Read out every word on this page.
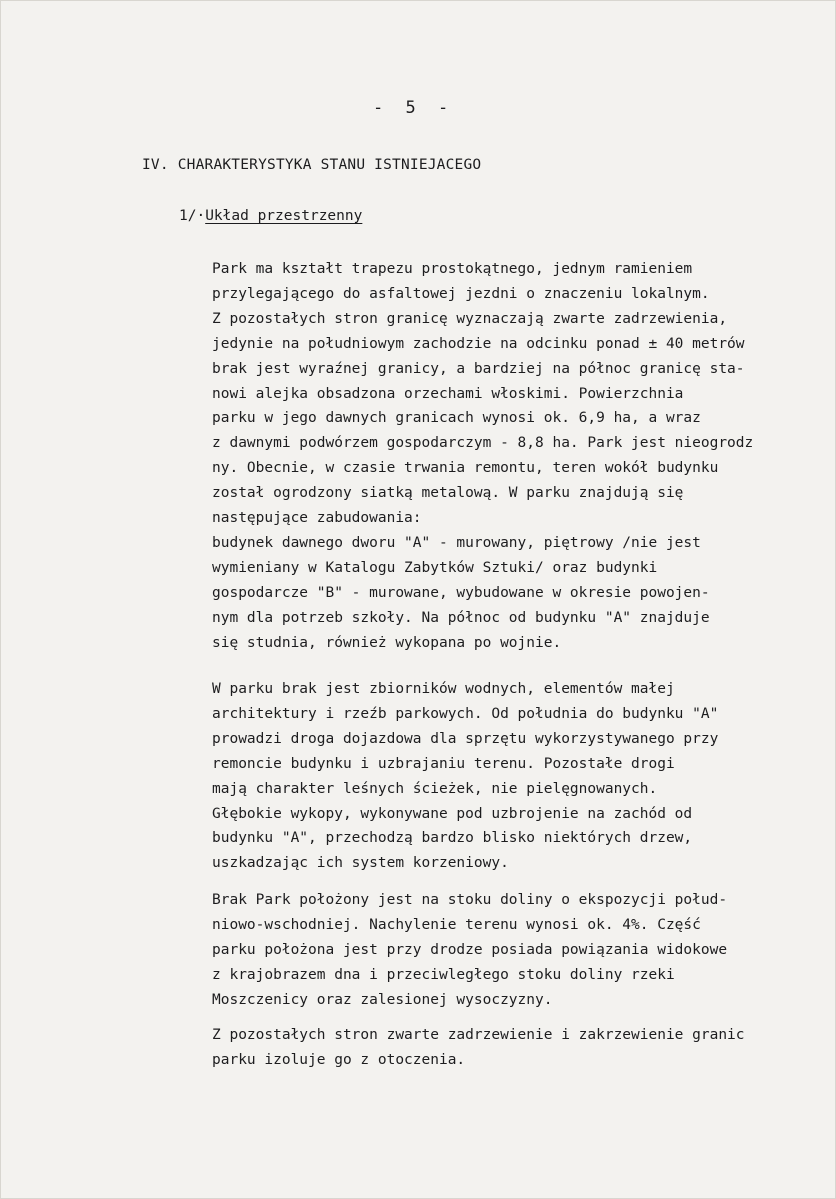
- 5 -
IV. CHARAKTERYSTYKA STANU ISTNIEJACEGO
1/·Układ przestrzenny
Park ma kształt trapezu prostokątnego, jednym ramieniem
przylegającego do asfaltowej jezdni o znaczeniu lokalnym.
Z pozostałych stron granicę wyznaczają zwarte zadrzewienia,
jedynie na południowym zachodzie na odcinku ponad ± 40 metrów
brak jest wyraźnej granicy, a bardziej na północ granicę sta-
nowi alejka obsadzona orzechami włoskimi. Powierzchnia
parku w jego dawnych granicach wynosi ok. 6,9 ha, a wraz
z dawnymi podwórzem gospodarczym - 8,8 ha. Park jest nieogrodz
ny. Obecnie, w czasie trwania remontu, teren wokół budynku
został ogrodzony siatką metalową. W parku znajdują się
następujące zabudowania:
budynek dawnego dworu "A" - murowany, piętrowy /nie jest
wymieniany w Katalogu Zabytków Sztuki/ oraz budynki
gospodarcze "B" - murowane, wybudowane w okresie powojen-
nym dla potrzeb szkoły. Na północ od budynku "A" znajduje
się studnia, również wykopana po wojnie.
W parku brak jest zbiorników wodnych, elementów małej
architektury i rzeźb parkowych. Od południa do budynku "A"
prowadzi droga dojazdowa dla sprzętu wykorzystywanego przy
remoncie budynku i uzbrajaniu terenu. Pozostałe drogi
mają charakter leśnych ścieżek, nie pielęgnowanych.
Głębokie wykopy, wykonywane pod uzbrojenie na zachód od
budynku "A", przechodzą bardzo blisko niektórych drzew,
uszkadzając ich system korzeniowy.
Brak Park położony jest na stoku doliny o ekspozycji połud-
niowo-wschodniej. Nachylenie terenu wynosi ok. 4%. Część
parku położona jest przy drodze posiada powiązania widokowe
z krajobrazem dna i przeciwległego stoku doliny rzeki
Moszczenicy oraz zalesionej wysoczyzny.
Z pozostałych stron zwarte zadrzewienie i zakrzewienie granic
parku izoluje go z otoczenia.
